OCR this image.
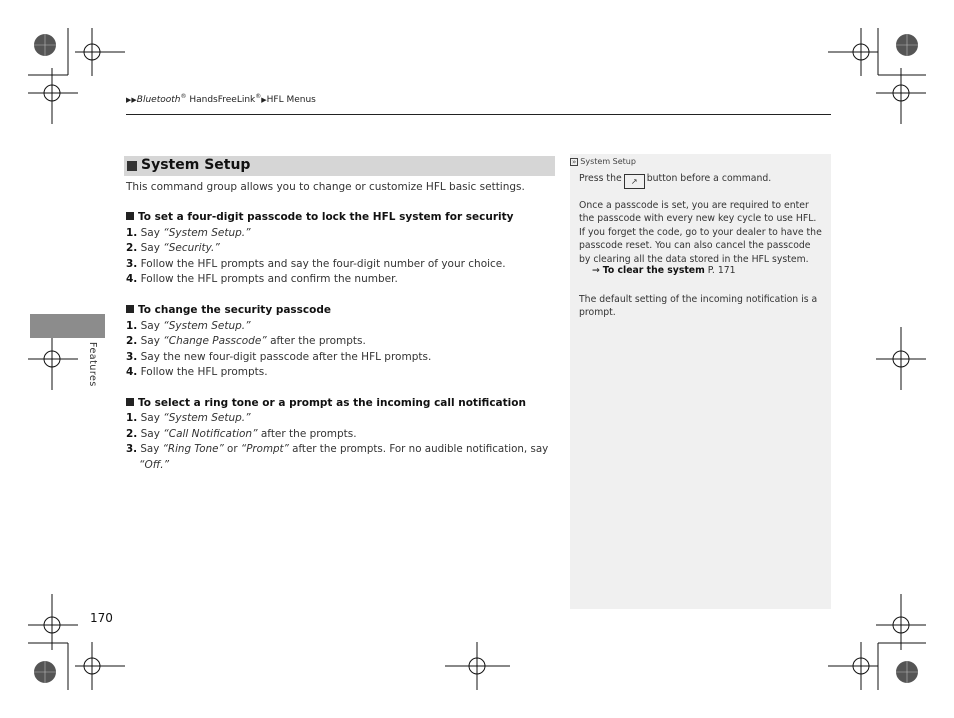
▶▶Bluetooth® HandsFreeLink®▶HFL Menus
Features
System Setup
This command group allows you to change or customize HFL basic settings.
To set a four-digit passcode to lock the HFL system for security
1. Say “System Setup.”
2. Say “Security.”
3. Follow the HFL prompts and say the four-digit number of your choice.
4. Follow the HFL prompts and confirm the number.
To change the security passcode
1. Say “System Setup.”
2. Say “Change Passcode” after the prompts.
3. Say the new four-digit passcode after the HFL prompts.
4. Follow the HFL prompts.
To select a ring tone or a prompt as the incoming call notification
1. Say “System Setup.”
2. Say “Call Notification” after the prompts.
3. Say “Ring Tone” or “Prompt” after the prompts. For no audible notification, say
“Off.”
» System Setup
Press the ↗ button before a command.
Once a passcode is set, you are required to enter the passcode with every new key cycle to use HFL.
If you forget the code, go to your dealer to have the passcode reset. You can also cancel the passcode by clearing all the data stored in the HFL system.
→ To clear the system P. 171
The default setting of the incoming notification is a prompt.
170
